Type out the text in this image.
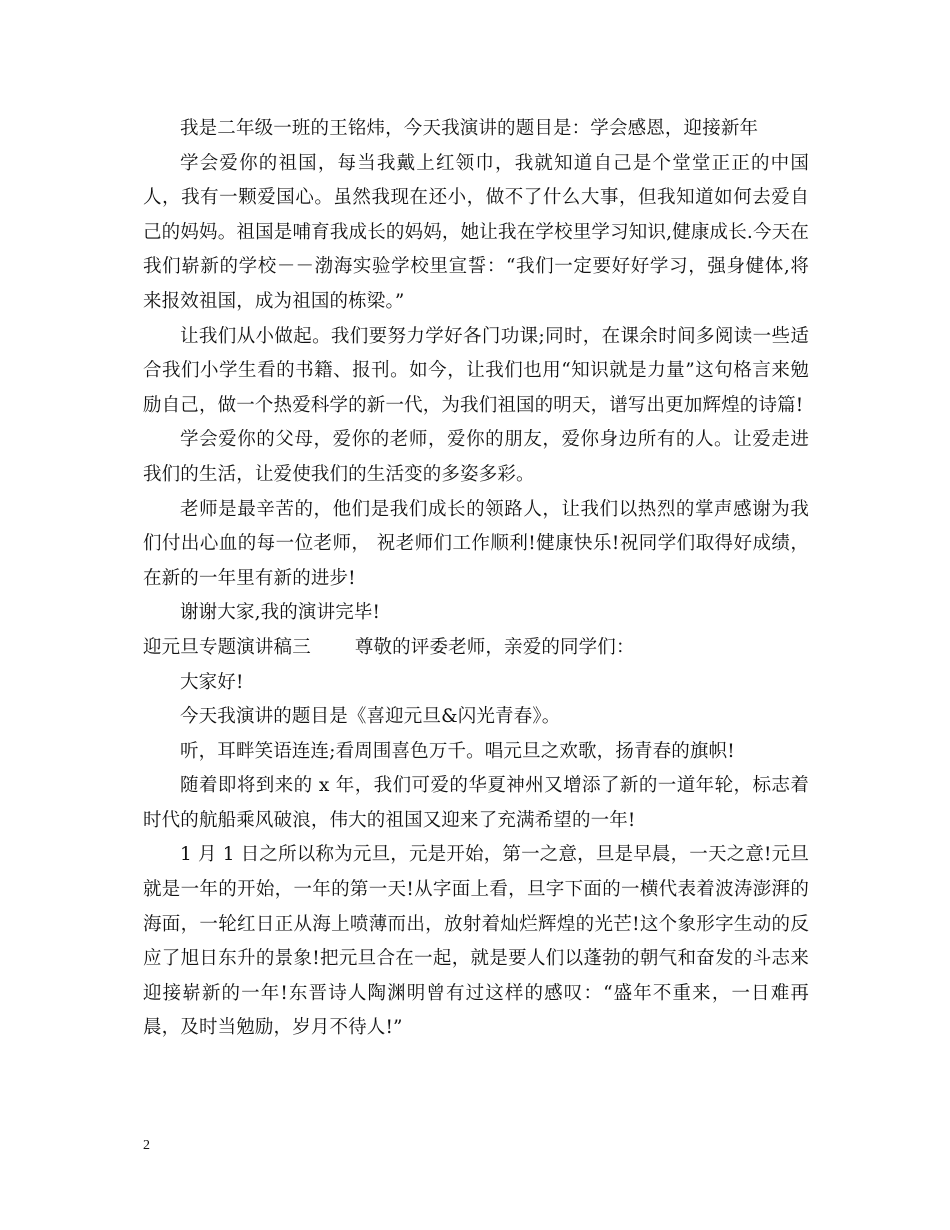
我是二年级一班的王铭炜，今天我演讲的题目是：学会感恩，迎接新年

学会爱你的祖国，每当我戴上红领巾，我就知道自己是个堂堂正正的中国人，我有一颗爱国心。虽然我现在还小，做不了什么大事，但我知道如何去爱自己的妈妈。祖国是哺育我成长的妈妈，她让我在学校里学习知识,健康成长.今天在我们崭新的学校－－渤海实验学校里宣誓：“我们一定要好好学习，强身健体,将来报效祖国，成为祖国的栋梁。”

让我们从小做起。我们要努力学好各门功课;同时，在课余时间多阅读一些适合我们小学生看的书籍、报刊。如今，让我们也用“知识就是力量”这句格言来勉励自己，做一个热爱科学的新一代，为我们祖国的明天，谱写出更加辉煌的诗篇!

学会爱你的父母，爱你的老师，爱你的朋友，爱你身边所有的人。让爱走进我们的生活，让爱使我们的生活变的多姿多彩。

老师是最辛苦的，他们是我们成长的领路人，让我们以热烈的掌声感谢为我们付出心血的每一位老师， 祝老师们工作顺利!健康快乐!祝同学们取得好成绩，在新的一年里有新的进步!

谢谢大家,我的演讲完毕!

迎元旦专题演讲稿三 尊敬的评委老师，亲爱的同学们：

大家好!

今天我演讲的题目是《喜迎元旦&闪光青春》。

听，耳畔笑语连连;看周围喜色万千。唱元旦之欢歌，扬青春的旗帜!

随着即将到来的 x 年，我们可爱的华夏神州又增添了新的一道年轮，标志着时代的航船乘风破浪，伟大的祖国又迎来了充满希望的一年!

1 月 1 日之所以称为元旦，元是开始，第一之意，旦是早晨，一天之意!元旦就是一年的开始，一年的第一天!从字面上看，旦字下面的一横代表着波涛澎湃的海面，一轮红日正从海上喷薄而出，放射着灿烂辉煌的光芒!这个象形字生动的反应了旭日东升的景象!把元旦合在一起，就是要人们以蓬勃的朝气和奋发的斗志来迎接崭新的一年!东晋诗人陶渊明曾有过这样的感叹：“盛年不重来，一日难再晨，及时当勉励，岁月不待人!”

2
